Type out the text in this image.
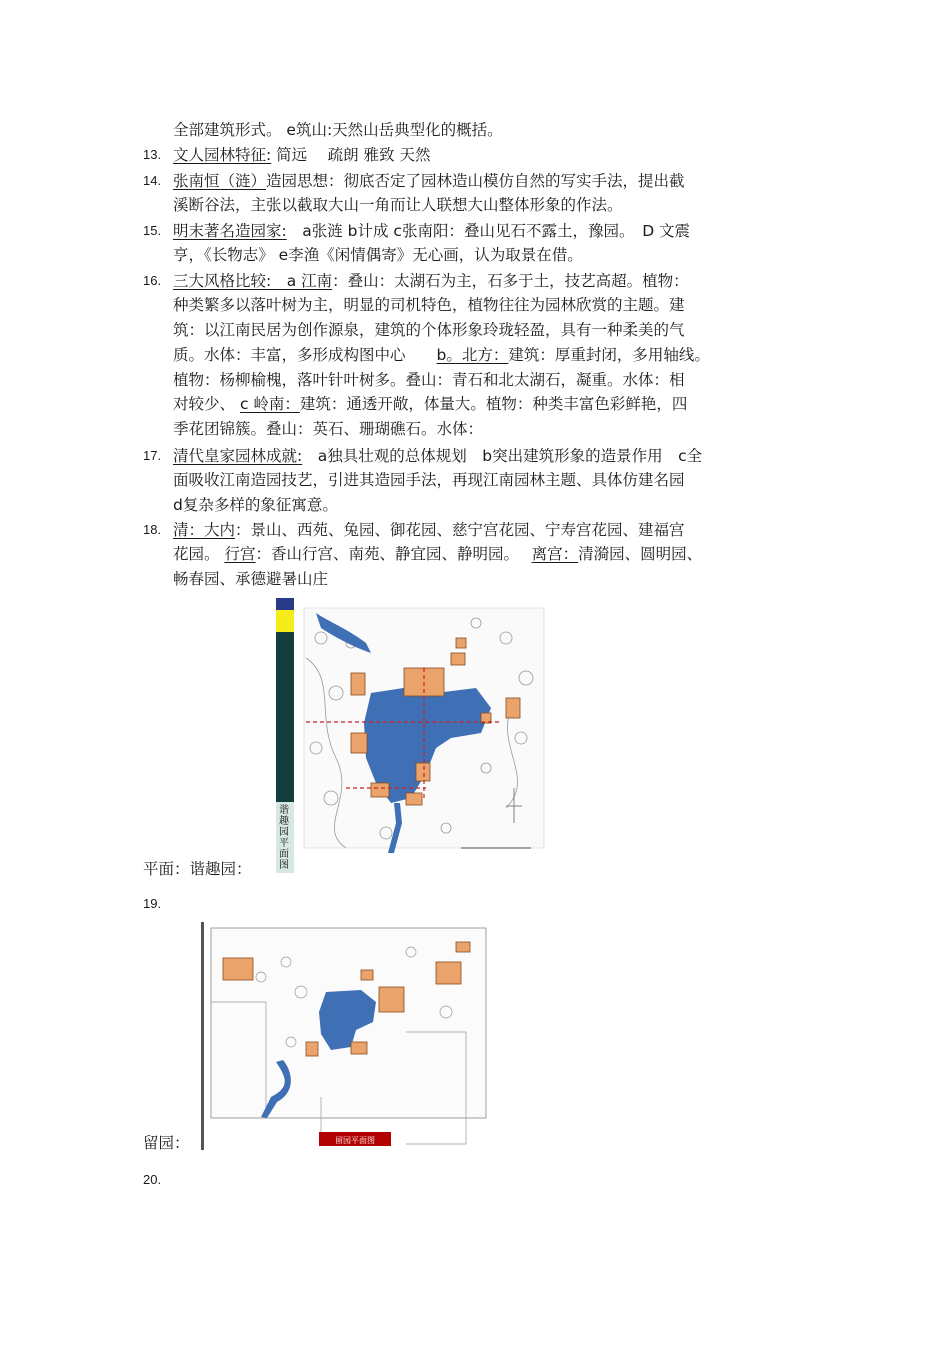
全部建筑形式。 e筑山:天然山岳典型化的概括。
13. 文人园林特征: 简远　 疏朗 雅致 天然
14. 张南恒（涟）造园思想：彻底否定了园林造山模仿自然的写实手法，提出截
溪断谷法，主张以截取大山一角而让人联想大山整体形象的作法。
15. 明末著名造园家:　a张涟 b计成 c张南阳：叠山见石不露土，豫园。　D 文震
亨，《长物志》 e李渔《闲情偶寄》无心画，认为取景在借。
16. 三大风格比较:　a 江南：叠山：太湖石为主，石多于土，技艺高超。植物：
种类繁多以落叶树为主，明显的司机特色，植物往往为园林欣赏的主题。建
筑：以江南民居为创作源泉，建筑的个体形象玲珑轻盈，具有一种柔美的气
质。水体：丰富，多形成构图中心　　b。北方：建筑：厚重封闭，多用轴线。
植物：杨柳榆槐，落叶针叶树多。叠山：青石和北太湖石，凝重。水体：相
对较少、 c 岭南：建筑：通透开敞，体量大。植物：种类丰富色彩鲜艳，四
季花团锦簇。叠山：英石、珊瑚礁石。水体：
17. 清代皇家园林成就:　a独具壮观的总体规划　b突出建筑形象的造景作用　c全
面吸收江南造园技艺，引进其造园手法，再现江南园林主题、具体仿建名园
d复杂多样的象征寓意。
18. 清：大内：景山、西苑、兔园、御花园、慈宁宫花园、宁寿宫花园、建福宫
花园。 行宫：香山行宫、南苑、静宜园、静明园。　 离宫：清漪园、圆明园、
畅春园、承德避暑山庄
平面：谐趣园：
谐趣园平面图
19.
留园：	留园平面图
20.
